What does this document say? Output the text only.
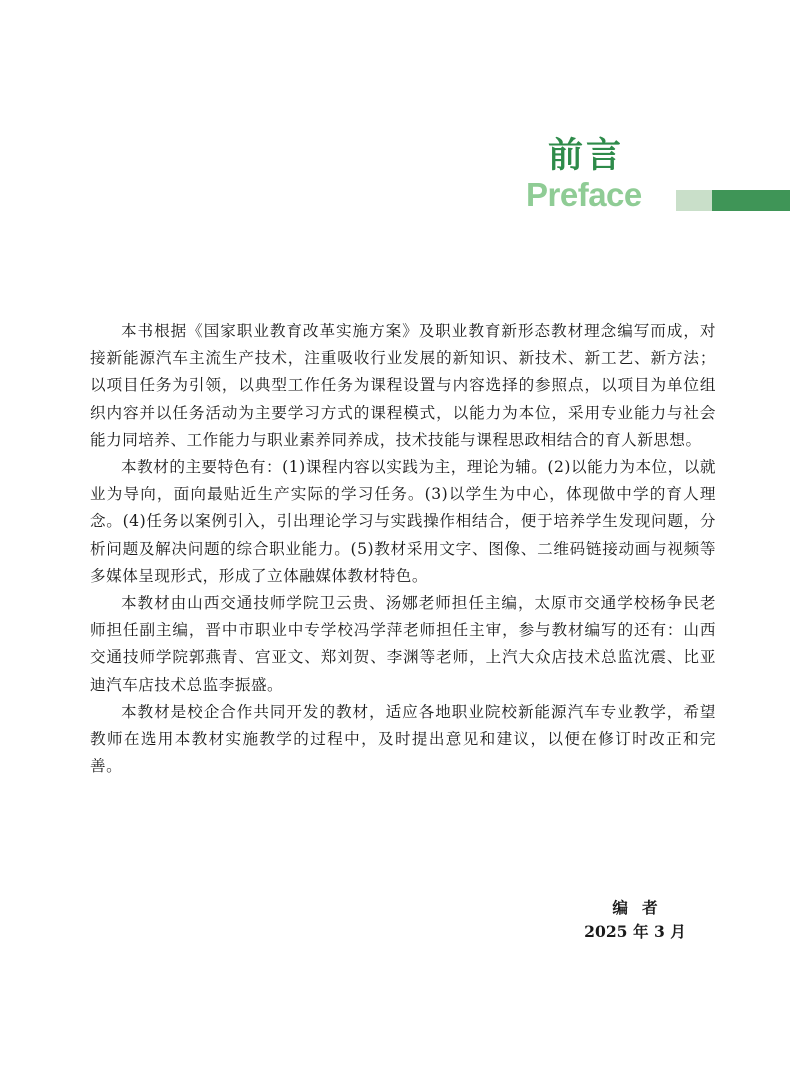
前言
Preface

本书根据《国家职业教育改革实施方案》及职业教育新形态教材理念编写而成，对接新能源汽车主流生产技术，注重吸收行业发展的新知识、新技术、新工艺、新方法；以项目任务为引领，以典型工作任务为课程设置与内容选择的参照点，以项目为单位组织内容并以任务活动为主要学习方式的课程模式，以能力为本位，采用专业能力与社会能力同培养、工作能力与职业素养同养成，技术技能与课程思政相结合的育人新思想。

本教材的主要特色有：(1)课程内容以实践为主，理论为辅。(2)以能力为本位，以就业为导向，面向最贴近生产实际的学习任务。(3)以学生为中心，体现做中学的育人理念。(4)任务以案例引入，引出理论学习与实践操作相结合，便于培养学生发现问题，分析问题及解决问题的综合职业能力。(5)教材采用文字、图像、二维码链接动画与视频等多媒体呈现形式，形成了立体融媒体教材特色。

本教材由山西交通技师学院卫云贵、汤娜老师担任主编，太原市交通学校杨争民老师担任副主编，晋中市职业中专学校冯学萍老师担任主审，参与教材编写的还有：山西交通技师学院郭燕青、宫亚文、郑刘贺、李渊等老师，上汽大众店技术总监沈震、比亚迪汽车店技术总监李振盛。

本教材是校企合作共同开发的教材，适应各地职业院校新能源汽车专业教学，希望教师在选用本教材实施教学的过程中，及时提出意见和建议，以便在修订时改正和完善。

编者
2025 年 3 月
